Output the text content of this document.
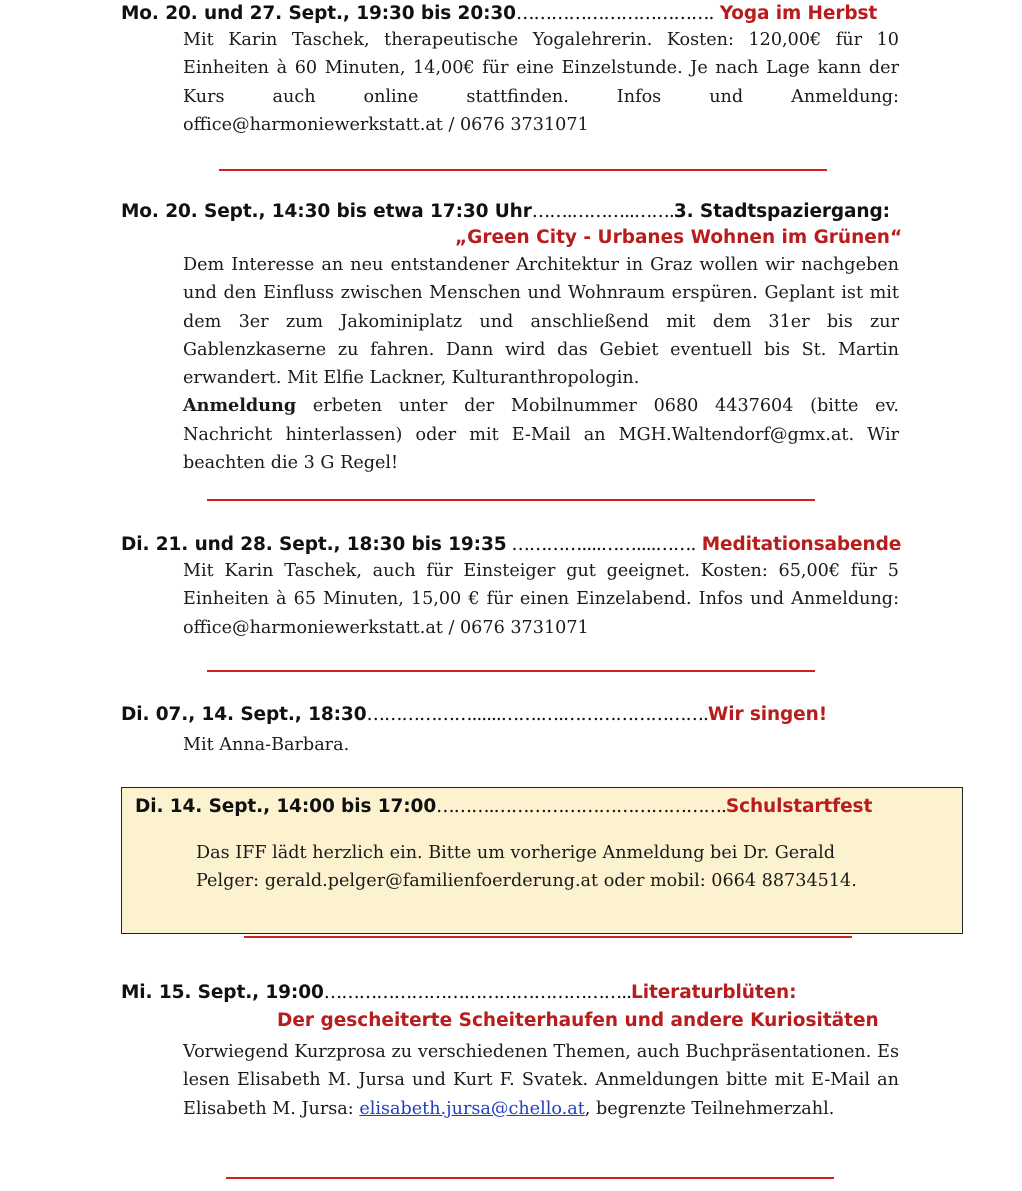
Mo. 20. und 27. Sept., 19:30 bis 20:30……………………………. Yoga im Herbst

Mit Karin Taschek, therapeutische Yogalehrerin. Kosten: 120,00€ für 10 Einheiten à 60 Minuten, 14,00€ für eine Einzelstunde. Je nach Lage kann der Kurs auch online stattfinden. Infos und Anmeldung: office@harmoniewerkstatt.at / 0676 3731071

Mo. 20. Sept., 14:30 bis etwa 17:30 Uhr…….………..…….3. Stadtspaziergang:
„Green City - Urbanes Wohnen im Grünen“

Dem Interesse an neu entstandener Architektur in Graz wollen wir nachgeben und den Einfluss zwischen Menschen und Wohnraum erspüren. Geplant ist mit dem 3er zum Jakominiplatz und anschließend mit dem 31er bis zur Gablenzkaserne zu fahren. Dann wird das Gebiet eventuell bis St. Martin erwandert. Mit Elfie Lackner, Kulturanthropologin.

Anmeldung erbeten unter der Mobilnummer 0680 4437604 (bitte ev. Nachricht hinterlassen) oder mit E-Mail an MGH.Waltendorf@gmx.at. Wir beachten die 3 G Regel!

Di. 21. und 28. Sept., 18:30 bis 19:35 …………....……....……. Meditationsabende

Mit Karin Taschek, auch für Einsteiger gut geeignet. Kosten: 65,00€ für 5 Einheiten à 65 Minuten, 15,00 € für einen Einzelabend. Infos und Anmeldung: office@harmoniewerkstatt.at / 0676 3731071

Di. 07., 14. Sept., 18:30………………......…….….…………………….Wir singen!

Mit Anna-Barbara.

Di. 14. Sept., 14:00 bis 17:00……….………………………………….Schulstartfest

Das IFF lädt herzlich ein. Bitte um vorherige Anmeldung bei Dr. Gerald Pelger: gerald.pelger@familienfoerderung.at oder mobil: 0664 88734514.

Mi. 15. Sept., 19:00……………………………………………..Literaturblüten:
Der gescheiterte Scheiterhaufen und andere Kuriositäten

Vorwiegend Kurzprosa zu verschiedenen Themen, auch Buchpräsentationen. Es lesen Elisabeth M. Jursa und Kurt F. Svatek. Anmeldungen bitte mit E-Mail an Elisabeth M. Jursa: elisabeth.jursa@chello.at, begrenzte Teilnehmerzahl.
